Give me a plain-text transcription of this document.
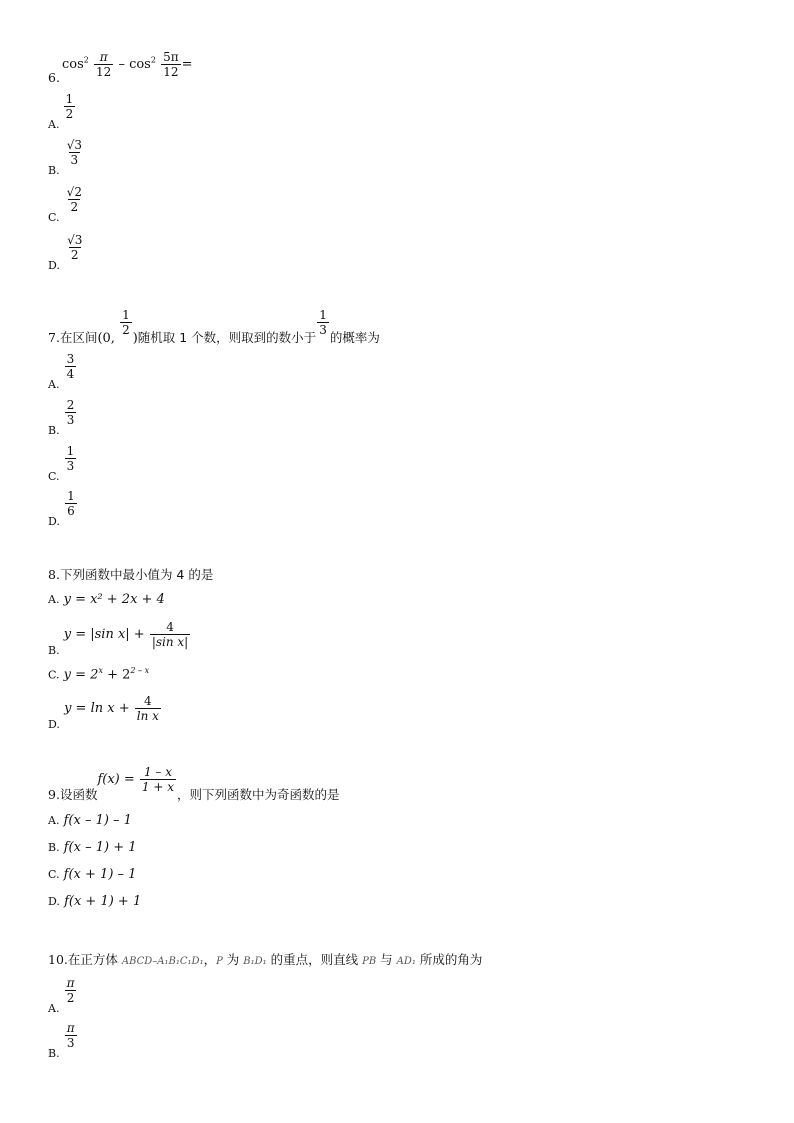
$\cos^2 \frac{\pi}{12} - \cos^2 \frac{5\pi}{12}$ =
6.
$_{A.}$
$\frac{1}{2}$
$_{B.}$
$\frac{√3}{3}$
$_{C.}$
$\frac{√2}{2}$
$_{D.}$
$\frac{√3}{2}$
7.在区间(0,
$\frac{1}{2}$
)随机取 1 个数，则取到的数小于
$\frac{1}{3}$
的概率为
$_{A.}$
$\frac{3}{4}$
$_{B.}$
$\frac{2}{3}$
$_{C.}$
$\frac{1}{3}$
$_{D.}$
$\frac{1}{6}$
8.下列函数中最小值为 4 的是
A. y = x² + 2x + 4
$_{B.}$ y = |sin $x| + \frac{4}{\text{|sin x|}}$
C. $y = 2^x + 2^{2 - x}$
$_{D.}$ $y = \ln x + \frac{4}{\text{ln x}}$
9.设函数$f(x) = \frac{1 - x}{1 + x}$
，则下列函数中为奇函数的是
A. f(x – 1) – 1
B. f(x – 1) + 1
C. f(x + 1) – 1
D. f(x + 1) + 1
10.在正方体 ABCD–A₁B₁C₁D₁，P 为 B₁D₁ 的重点，则直线 PB 与 AD₁ 所成的角为
$_{A.}$
$\frac{\pi}{2}$
$_{B.}$
$\frac{\pi}{3}$
